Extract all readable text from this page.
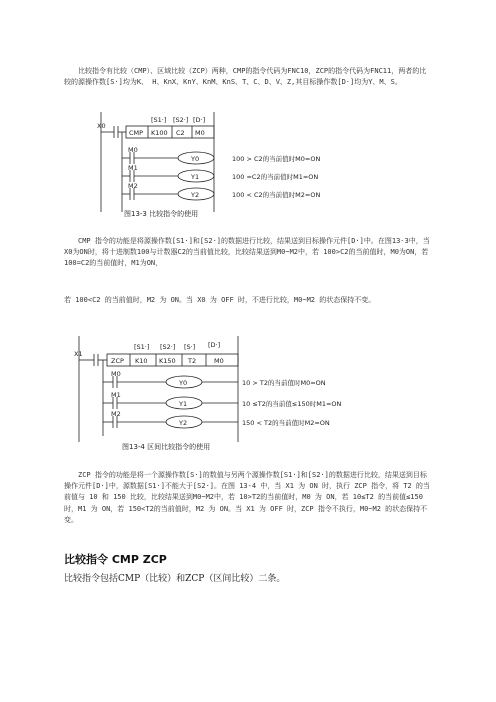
比较指令有比较（CMP）、区域比较（ZCP）两种，CMP的指令代码为FNC10，ZCP的指令代码为FNC11，两者的比较的源操作数[S·]均为K、 H、KnX、KnY、KnM、KnS、T、C、D、V、Z,其目标操作数[D·]均为Y、M、S。
X0
[S1·] [S2·] [D·]
CMP K100 C2 M0
M0
M1
M2
Y0
Y1
Y2
100 > C2的当前值时M0=ON
100 =C2的当前值时M1=ON
100 < C2的当前值时M2=ON
图13-3 比较指令的使用
CMP 指令的功能是将源操作数[S1·]和[S2·]的数据进行比较，结果送到目标操作元件[D·]中。在图13-3中，当X0为ON时，将十进制数100与计数器C2的当前值比较，比较结果送到M0~M2中，若 100>C2的当前值时，M0为ON，若 100=C2的当前值时，M1为ON，
若 100<C2 的当前值时，M2 为 ON。当 X0 为 OFF 时，不进行比较，M0~M2 的状态保持不变。
X1
[S1·] [S2·] [S·] [D·]
ZCP K10 K150 T2	M0
M0
M1
M2
Y0
Y1
Y2
10 > T2的当前值时M0=ON
10 ≤T2的当前值≤150时M1=ON
150 < T2的当前值时M2=ON
图13-4 区间比较指令的使用
ZCP 指令的功能是将一个源操作数[S·]的数值与另两个源操作数[S1·]和[S2·]的数据进行比较，结果送到目标操作元件[D·]中，源数据[S1·]不能大于[S2·]。在图 13-4 中，当 X1 为 ON 时，执行 ZCP 指令，将 T2 的当前值与 10 和 150 比较，比较结果送到M0~M2中，若 10>T2的当前值时，M0 为 ON，若 10≤T2 的当前值≤150 时，M1 为 ON，若 150<T2的当前值时，M2 为 ON。当 X1 为 OFF 时，ZCP 指令不执行，M0~M2 的状态保持不变。
比较指令 CMP ZCP
比较指令包括CMP（比较）和ZCP（区间比较）二条。
